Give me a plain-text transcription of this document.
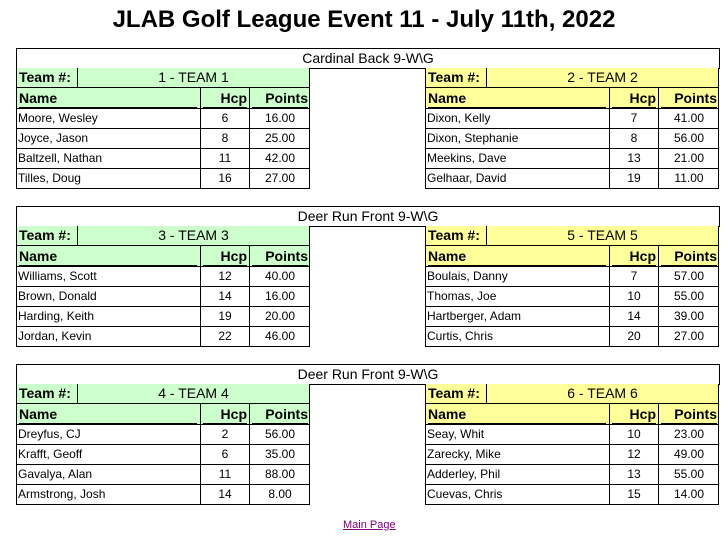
JLAB Golf League Event 11 - July 11th, 2022
Cardinal Back 9-W\G
Team #:	1 - TEAM 1
Name	Hcp	Points
Moore, Wesley	6	16.00
Joyce, Jason	8	25.00
Baltzell, Nathan	11	42.00
Tilles, Doug	16	27.00
Team #:	2 - TEAM 2
Name	Hcp	Points
Dixon, Kelly	7	41.00
Dixon, Stephanie	8	56.00
Meekins, Dave	13	21.00
Gelhaar, David	19	11.00
Deer Run Front 9-W\G
Team #:	3 - TEAM 3
Name	Hcp	Points
Williams, Scott	12	40.00
Brown, Donald	14	16.00
Harding, Keith	19	20.00
Jordan, Kevin	22	46.00
Team #:	5 - TEAM 5
Name	Hcp	Points
Boulais, Danny	7	57.00
Thomas, Joe	10	55.00
Hartberger, Adam	14	39.00
Curtis, Chris	20	27.00
Deer Run Front 9-W\G
Team #:	4 - TEAM 4
Name	Hcp	Points
Dreyfus, CJ	2	56.00
Krafft, Geoff	6	35.00
Gavalya, Alan	11	88.00
Armstrong, Josh	14	8.00
Team #:	6 - TEAM 6
Name	Hcp	Points
Seay, Whit	10	23.00
Zarecky, Mike	12	49.00
Adderley, Phil	13	55.00
Cuevas, Chris	15	14.00
Main Page
